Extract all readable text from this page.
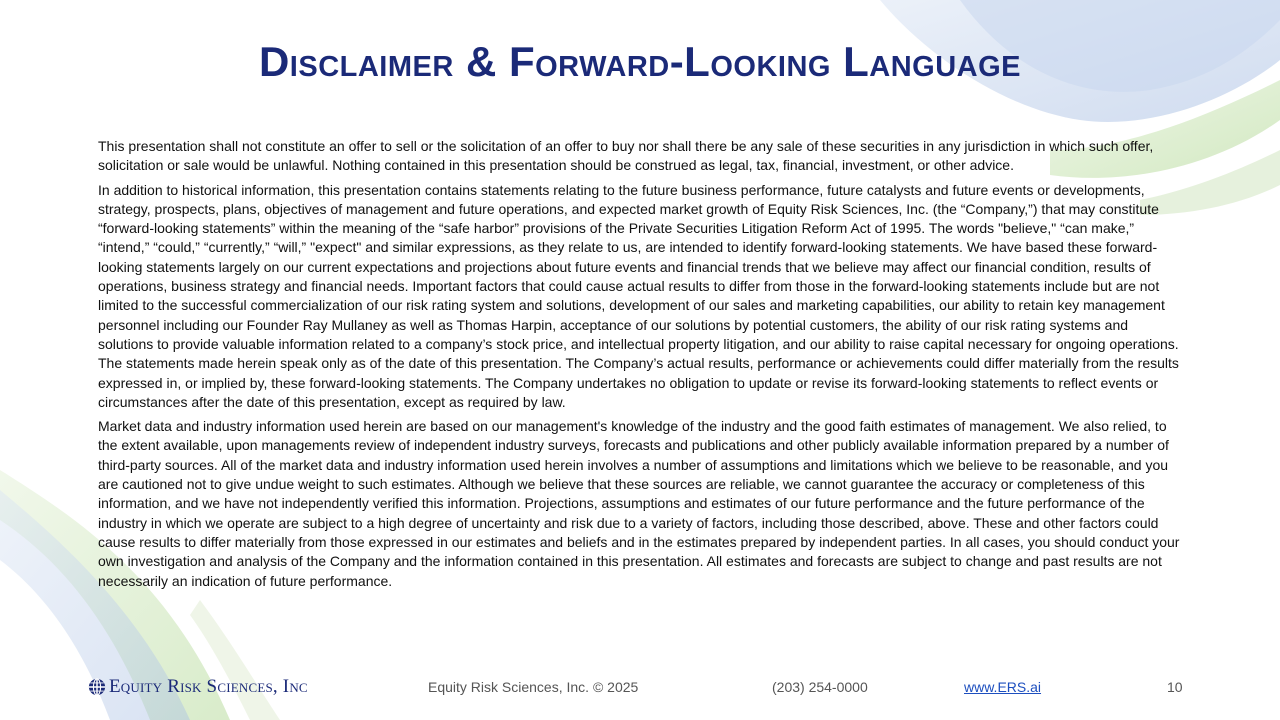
Disclaimer & Forward-Looking Language

This presentation shall not constitute an offer to sell or the solicitation of an offer to buy nor shall there be any sale of these securities in any jurisdiction in which such offer, solicitation or sale would be unlawful. Nothing contained in this presentation should be construed as legal, tax, financial, investment, or other advice.

In addition to historical information, this presentation contains statements relating to the future business performance, future catalysts and future events or developments, strategy, prospects, plans, objectives of management and future operations, and expected market growth of Equity Risk Sciences, Inc. (the “Company,”) that may constitute “forward-looking statements” within the meaning of the “safe harbor” provisions of the Private Securities Litigation Reform Act of 1995. The words "believe," “can make,” “intend,” “could,” “currently,” “will,” "expect" and similar expressions, as they relate to us, are intended to identify forward-looking statements. We have based these forward-looking statements largely on our current expectations and projections about future events and financial trends that we believe may affect our financial condition, results of operations, business strategy and financial needs. Important factors that could cause actual results to differ from those in the forward-looking statements include but are not limited to the successful commercialization of our risk rating system and solutions, development of our sales and marketing capabilities, our ability to retain key management personnel including our Founder Ray Mullaney as well as Thomas Harpin, acceptance of our solutions by potential customers, the ability of our risk rating systems and solutions to provide valuable information related to a company’s stock price, and intellectual property litigation, and our ability to raise capital necessary for ongoing operations. The statements made herein speak only as of the date of this presentation. The Company’s actual results, performance or achievements could differ materially from the results expressed in, or implied by, these forward-looking statements. The Company undertakes no obligation to update or revise its forward-looking statements to reflect events or circumstances after the date of this presentation, except as required by law.

Market data and industry information used herein are based on our management's knowledge of the industry and the good faith estimates of management. We also relied, to the extent available, upon managements review of independent industry surveys, forecasts and publications and other publicly available information prepared by a number of third-party sources. All of the market data and industry information used herein involves a number of assumptions and limitations which we believe to be reasonable, and you are cautioned not to give undue weight to such estimates. Although we believe that these sources are reliable, we cannot guarantee the accuracy or completeness of this information, and we have not independently verified this information. Projections, assumptions and estimates of our future performance and the future performance of the industry in which we operate are subject to a high degree of uncertainty and risk due to a variety of factors, including those described, above. These and other factors could cause results to differ materially from those expressed in our estimates and beliefs and in the estimates prepared by independent parties. In all cases, you should conduct your own investigation and analysis of the Company and the information contained in this presentation. All estimates and forecasts are subject to change and past results are not necessarily an indication of future performance.

Equity Risk Sciences, Inc	Equity Risk Sciences, Inc. © 2025	(203) 254-0000	www.ERS.ai	10
